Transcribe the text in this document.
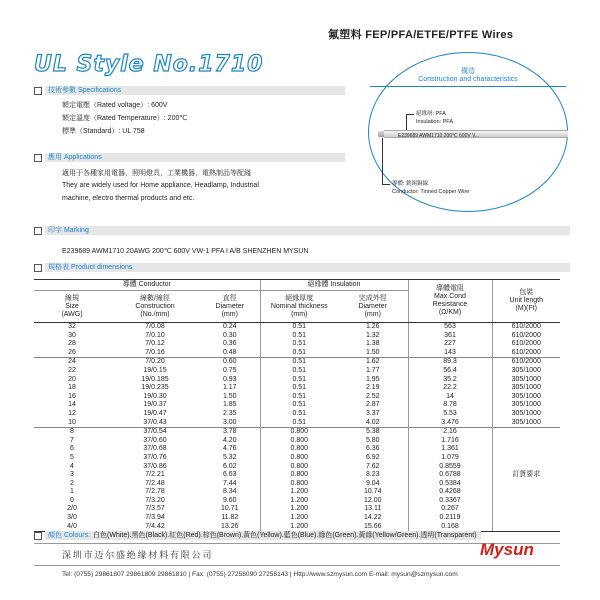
氟塑料 FEP/PFA/ETFE/PTFE Wires
UL Style No.1710
技術參數 Specifications
額定電壓（Rated voltage）: 600V
額定溫度（Rated Temperature）: 200℃
標準（Standard）: UL 758
構造
Construction and characteristics
絕緣層: PFA
Insulation: PFA
E239689 AWM1710 200℃ 600V V...
導體: 鍍錫銅線
Conductor: Tinned Copper Wire
應用 Applications
適用于各種家用電器，照明燈具，工業機器，電熱制品等配綫
They are widely used for Home appliance, Headlamp, Industrial
machine, electro thermal products and etc.
印字 Marking
E239689 AWM1710 20AWG 200℃ 600V VW-1 PFA I A/B SHENZHEN MYSUN
規格表 Product dimensions
導體 Conductor			絕緣體 Insulation		導體電阻
Max.Cond
Resistance
(Ω/KM)	包裝
Unit length
(M)(Ft)
線規
Size
(AWG)	線數/線徑
Construction
(No./mm)	直徑
Diameter
(mm)	絕緣厚度
Nominal thickness
(mm)	完成外徑
Diameter
(mm)		
32	7/0.08	0.24	0.51	1.26	563	610/2000
30	7/0.10	0.30	0.51	1.32	361	610/2000
28	7/0.12	0.36	0.51	1.38	227	610/2000
26	7/0.16	0.48	0.51	1.50	143	610/2000
24	7/0.20	0.60	0.51	1.62	89.3	610/2000
22	19/0.15	0.75	0.51	1.77	56.4	305/1000
20	19/0.185	0.93	0.51	1.95	35.2	305/1000
18	19/0.235	1.17	0.51	2.19	22.2	305/1000
16	19/0.30	1.50	0.51	2.52	14	305/1000
14	19/0.37	1.85	0.51	2.87	8.78	305/1000
12	19/0.47	2.35	0.51	3.37	5.53	305/1000
10	37/0.43	3.00	0.51	4.02	3.476	305/1000
8	37/0.54	3.78	0.800	5.38	2.16	
7	37/0.60	4.20	0.800	5.80	1.716	
6	37/0.68	4.76	0.800	6.36	1.361	
5	37/0.76	5.32	0.800	6.92	1.079	
4	37/0.86	6.02	0.800	7.62	0.8559	
3	7/2.21	6.63	0.800	8.23	0.6788	訂貨要求
2	7/2.48	7.44	0.800	9.04	0.5384	
1	7/2.78	8.34	1.200	10.74	0.4268	
0	7/3.20	9.60	1.200	12.00	0.3367	
2/0	7/3.57	10.71	1.200	13.11	0.267	
3/0	7/3.94	11.82	1.200	14.22	0.2119	
4/0	7/4.42	13.26	1.200	15.66	0.168	
顏色 Colours: 白色(White).黑色(Black).紅色(Red).棕色(Brown).黃色(Yellow).藍色(Blue).綠色(Green).黃綠(Yellow/Green).透明(Transparent)
深圳市迈尔盛绝缘材料有限公司	Mysun
Tel: (0755) 29861807 29861809 29861810 | Fax: (0755) 27258090 27258143 | Http://www.szmysun.com E-mail: mysun@szmysun.com
